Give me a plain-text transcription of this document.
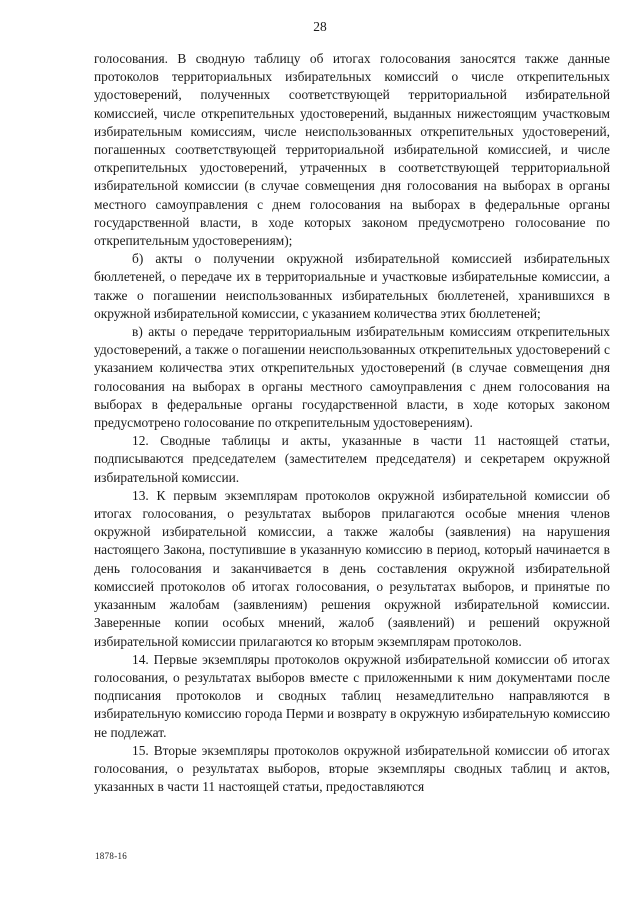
28

голосования. В сводную таблицу об итогах голосования заносятся также данные протоколов территориальных избирательных комиссий о числе открепительных удостоверений, полученных соответствующей территориальной избирательной комиссией, числе открепительных удостоверений, выданных нижестоящим участковым избирательным комиссиям, числе неиспользованных открепительных удостоверений, погашенных соответствующей территориальной избирательной комиссией, и числе открепительных удостоверений, утраченных в соответствующей территориальной избирательной комиссии (в случае совмещения дня голосования на выборах в органы местного самоуправления с днем голосования на выборах в федеральные органы государственной власти, в ходе которых законом предусмотрено голосование по открепительным удостоверениям);

б) акты о получении окружной избирательной комиссией избирательных бюллетеней, о передаче их в территориальные и участковые избирательные комиссии, а также о погашении неиспользованных избирательных бюллетеней, хранившихся в окружной избирательной комиссии, с указанием количества этих бюллетеней;

в) акты о передаче территориальным избирательным комиссиям открепительных удостоверений, а также о погашении неиспользованных открепительных удостоверений с указанием количества этих открепительных удостоверений (в случае совмещения дня голосования на выборах в органы местного самоуправления с днем голосования на выборах в федеральные органы государственной власти, в ходе которых законом предусмотрено голосование по открепительным удостоверениям).

12. Сводные таблицы и акты, указанные в части 11 настоящей статьи, подписываются председателем (заместителем председателя) и секретарем окружной избирательной комиссии.

13. К первым экземплярам протоколов окружной избирательной комиссии об итогах голосования, о результатах выборов прилагаются особые мнения членов окружной избирательной комиссии, а также жалобы (заявления) на нарушения настоящего Закона, поступившие в указанную комиссию в период, который начинается в день голосования и заканчивается в день составления окружной избирательной комиссией протоколов об итогах голосования, о результатах выборов, и принятые по указанным жалобам (заявлениям) решения окружной избирательной комиссии. Заверенные копии особых мнений, жалоб (заявлений) и решений окружной избирательной комиссии прилагаются ко вторым экземплярам протоколов.

14. Первые экземпляры протоколов окружной избирательной комиссии об итогах голосования, о результатах выборов вместе с приложенными к ним документами после подписания протоколов и сводных таблиц незамедлительно направляются в избирательную комиссию города Перми и возврату в окружную избирательную комиссию не подлежат.

15. Вторые экземпляры протоколов окружной избирательной комиссии об итогах голосования, о результатах выборов, вторые экземпляры сводных таблиц и актов, указанных в части 11 настоящей статьи, предоставляются

1878-16
